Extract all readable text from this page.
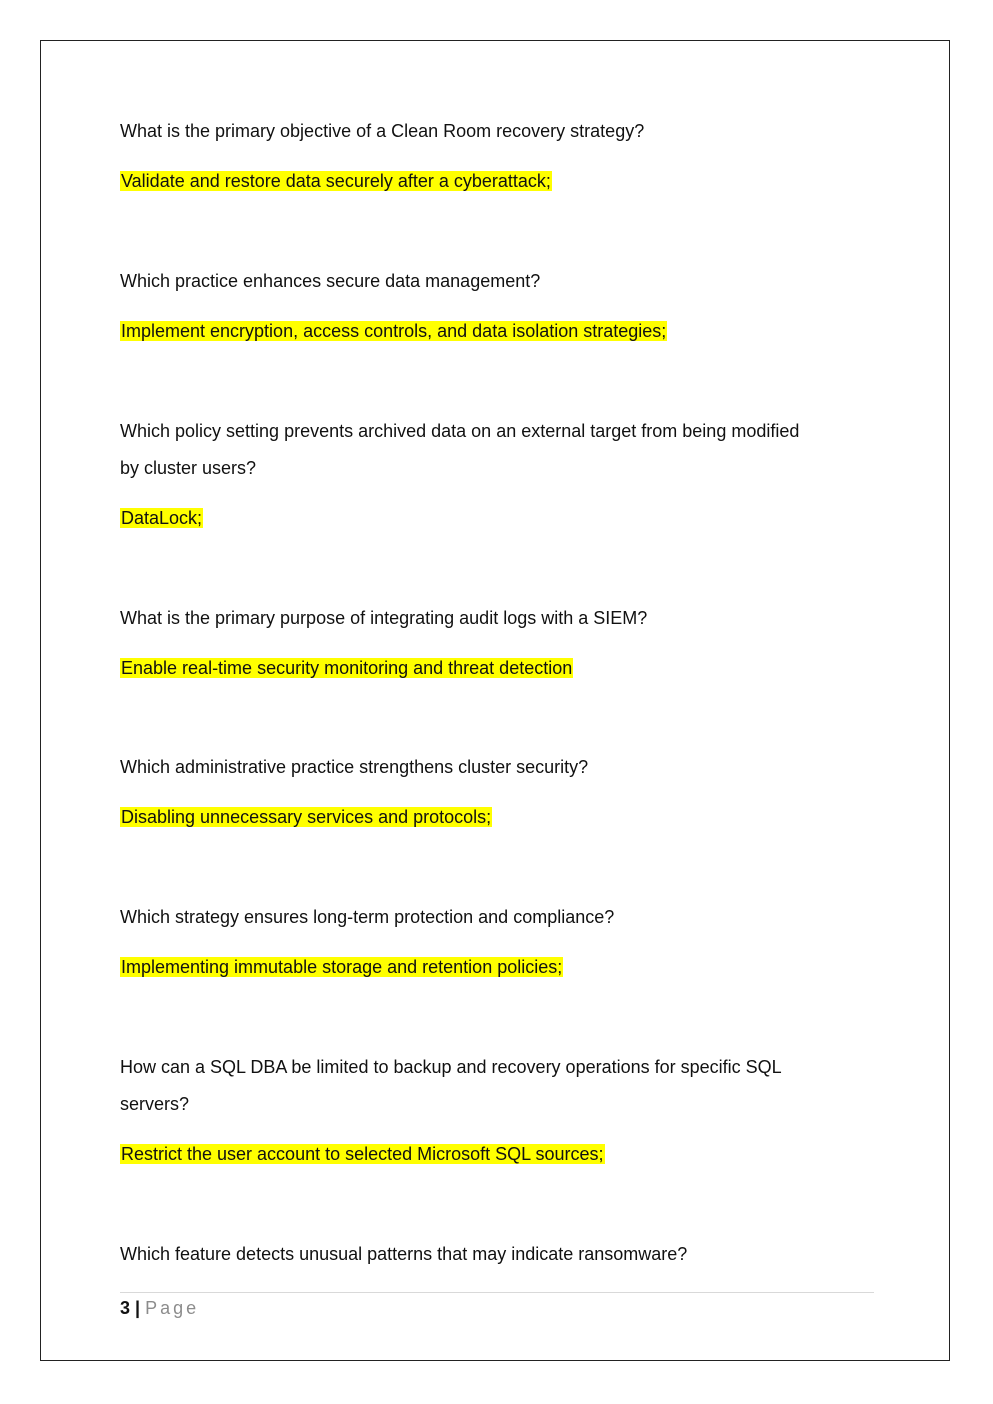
What is the primary objective of a Clean Room recovery strategy?
Validate and restore data securely after a cyberattack;
Which practice enhances secure data management?
Implement encryption, access controls, and data isolation strategies;
Which policy setting prevents archived data on an external target from being modified
by cluster users?
DataLock;
What is the primary purpose of integrating audit logs with a SIEM?
Enable real-time security monitoring and threat detection
Which administrative practice strengthens cluster security?
Disabling unnecessary services and protocols;
Which strategy ensures long-term protection and compliance?
Implementing immutable storage and retention policies;
How can a SQL DBA be limited to backup and recovery operations for specific SQL
servers?
Restrict the user account to selected Microsoft SQL sources;
Which feature detects unusual patterns that may indicate ransomware?
3 | Page
